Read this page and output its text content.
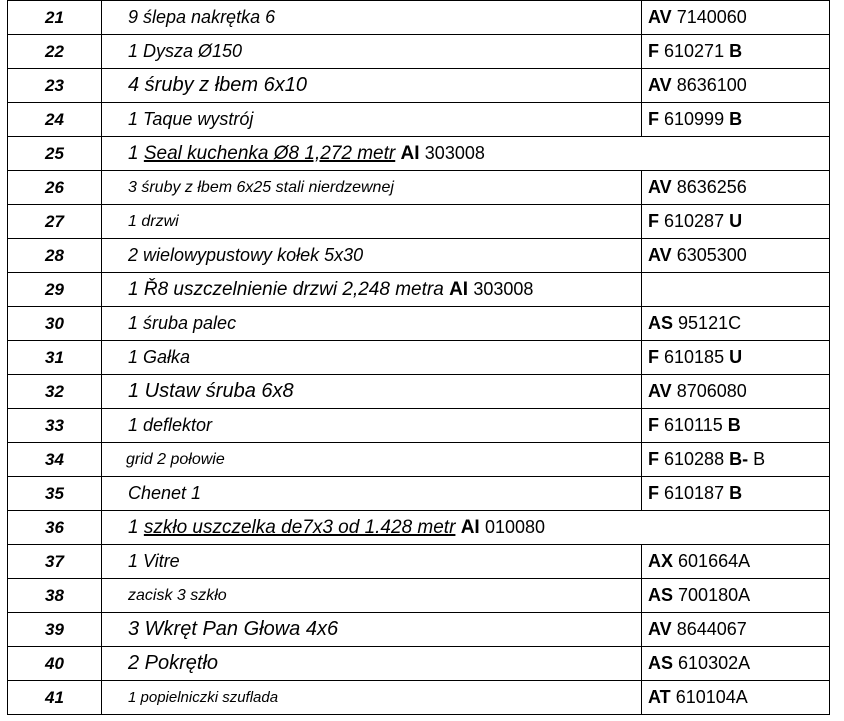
21	9 ślepa nakrętka 6	AV 7140060
22	1 Dysza Ø150	F 610271 B
23	4 śruby z łbem 6x10	AV 8636100
24	1 Taque wystrój	F 610999 B
25	1 Seal kuchenka Ø8 1,272 metr AI 303008	
26	3 śruby z łbem 6x25 stali nierdzewnej	AV 8636256
27	1 drzwi	F 610287 U
28	2 wielowypustowy kołek 5x30	AV 6305300
29	1 Ř8 uszczelnienie drzwi 2,248 metra AI 303008	
30	1 śruba palec	AS 95121C
31	1 Gałka	F 610185 U
32	1 Ustaw śruba 6x8	AV 8706080
33	1 deflektor	F 610115 B
34	grid 2 połowie	F 610288 B- B
35	Chenet 1	F 610187 B
36	1 szkło uszczelka de7x3 od 1.428 metr AI 010080	
37	1 Vitre	AX 601664A
38	zacisk 3 szkło	AS 700180A
39	3 Wkręt Pan Głowa 4x6	AV 8644067
40	2 Pokrętło	AS 610302A
41	1 popielniczki szuflada	AT 610104A
